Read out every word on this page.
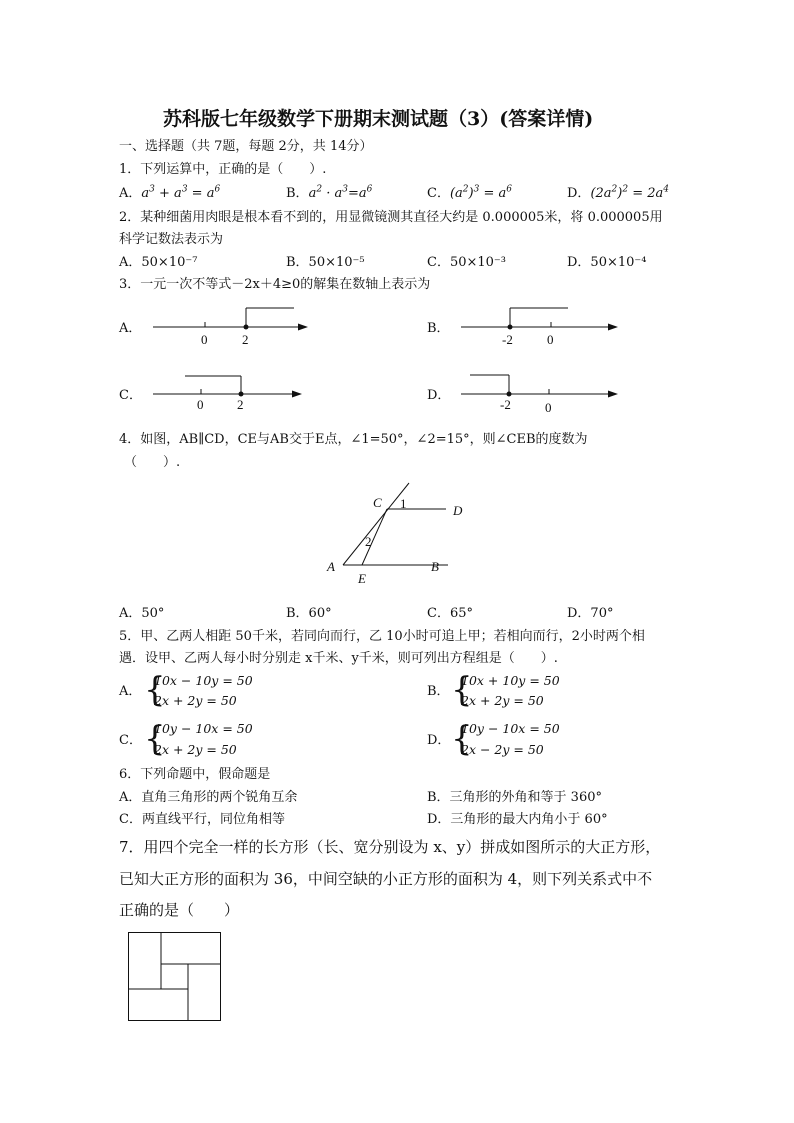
苏科版七年级数学下册期末测试题（3）(答案详情)
一、选择题（共 7题，每题 2分，共 14分）
1．下列运算中，正确的是（　　）.
A．$a^3 + a^3 = a^6$	B．$a^2 \cdot a^3=a^6$	C．$(a^2)^3 = a^6$	D．$(2a^2)^2 = 2a^4$
2．某种细菌用肉眼是根本看不到的，用显微镜测其直径大约是 0.000005米，将 0.000005用
科学记数法表示为
A．50×10⁻⁷	B．50×10⁻⁵	C．50×10⁻³	D．50×10⁻⁴
3．一元一次不等式－2x＋4≥0的解集在数轴上表示为
A．
0	2
B．
-2	0
C．
0	2
D．
-2	0
4．如图，AB∥CD，CE与AB交于E点，∠1=50°，∠2=15°，则∠CEB的度数为
（　　）.
C 1	D
2
A	B
E
A．50°	B．60°	C．65°	D．70°
5．甲、乙两人相距 50千米，若同向而行，乙 10小时可追上甲；若相向而行，2小时两个相
遇．设甲、乙两人每小时分别走 x千米、y千米，则可列出方程组是（　　）.
A． {
10x − 10y = 50
2x + 2y = 50
B． {
10x + 10y = 50
2x + 2y = 50
C． {
10y − 10x = 50
2x + 2y = 50
D． {
10y − 10x = 50
2x − 2y = 50
6．下列命题中，假命题是
A．直角三角形的两个锐角互余	B．三角形的外角和等于 360°
C．两直线平行，同位角相等	D．三角形的最大内角小于 60°
7．用四个完全一样的长方形（长、宽分别设为 x、y）拼成如图所示的大正方形，
已知大正方形的面积为 36，中间空缺的小正方形的面积为 4，则下列关系式中不
正确的是（　　）
